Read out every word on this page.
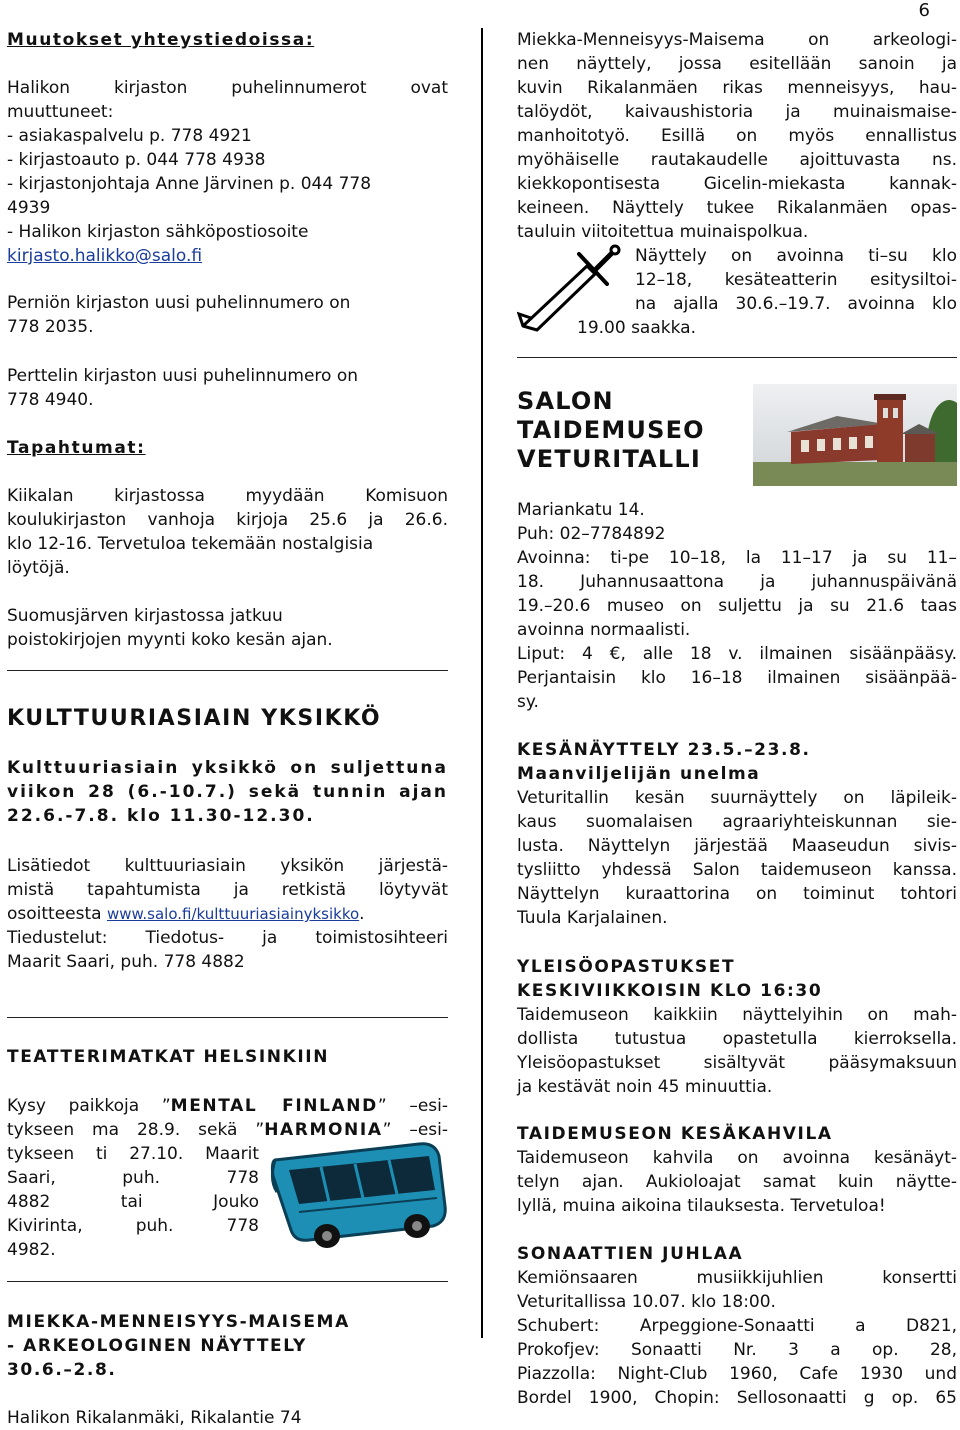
6
Muutokset yhteystiedoissa:
Halikon kirjaston puhelinnumerot ovat
muuttuneet:
- asiakaspalvelu p. 778 4921
- kirjastoauto p. 044 778 4938
- kirjastonjohtaja Anne Järvinen p. 044 778
4939
- Halikon kirjaston sähköpostiosoite
kirjasto.halikko@salo.fi
Perniön kirjaston uusi puhelinnumero on
778 2035.
Perttelin kirjaston uusi puhelinnumero on
778 4940.
Tapahtumat:
Kiikalan kirjastossa myydään Komisuon
koulukirjaston vanhoja kirjoja 25.6 ja 26.6.
klo 12-16. Tervetuloa tekemään nostalgisia
löytöjä.
Suomusjärven kirjastossa jatkuu
poistokirjojen myynti koko kesän ajan.
KULTTUURIASIAIN YKSIKKÖ
Kulttuuriasiain yksikkö on suljettuna
viikon 28 (6.-10.7.) sekä tunnin ajan
22.6.-7.8. klo 11.30-12.30.
Lisätiedot kulttuuriasiain yksikön järjestä-
mistä tapahtumista ja retkistä löytyvät
osoitteesta www.salo.fi/kulttuuriasiainyksikko.
Tiedustelut: Tiedotus- ja toimistosihteeri
Maarit Saari, puh. 778 4882
TEATTERIMATKAT HELSINKIIN
Kysy paikkoja ”MENTAL FINLAND” –esi-
tykseen ma 28.9. sekä ”HARMONIA” –esi-
tykseen ti 27.10. Maarit
Saari, puh. 778
4882 tai Jouko
Kivirinta, puh. 778
4982.
MIEKKA-MENNEISYYS-MAISEMA
- ARKEOLOGINEN NÄYTTELY
30.6.–2.8.
Halikon Rikalanmäki, Rikalantie 74
Miekka-Menneisyys-Maisema on arkeologi-
nen näyttely, jossa esitellään sanoin ja
kuvin Rikalanmäen rikas menneisyys, hau-
talöydöt, kaivaushistoria ja muinaismaise-
manhoitotyö. Esillä on myös ennallistus
myöhäiselle rautakaudelle ajoittuvasta ns.
kiekkopontisesta Gicelin-miekasta kannak-
keineen. Näyttely tukee Rikalanmäen opas-
tauluin viitoitettua muinaispolkua.
Näyttely on avoinna ti–su klo
12–18, kesäteatterin esitysiltoi-
na ajalla 30.6.–19.7. avoinna klo
19.00 saakka.
SALON
TAIDEMUSEO
VETURITALLI
Mariankatu 14.
Puh: 02–7784892
Avoinna: ti-pe 10–18, la 11–17 ja su 11–
18. Juhannusaattona ja juhannuspäivänä
19.–20.6 museo on suljettu ja su 21.6 taas
avoinna normaalisti.
Liput: 4 €, alle 18 v. ilmainen sisäänpääsy.
Perjantaisin klo 16–18 ilmainen sisäänpää-
sy.
KESÄNÄYTTELY 23.5.–23.8.
Maanviljelijän unelma
Veturitallin kesän suurnäyttely on läpileik-
kaus suomalaisen agraariyhteiskunnan sie-
lusta. Näyttelyn järjestää Maaseudun sivis-
tysliitto yhdessä Salon taidemuseon kanssa.
Näyttelyn kuraattorina on toiminut tohtori
Tuula Karjalainen.
YLEISÖOPASTUKSET
KESKIVIIKKOISIN KLO 16:30
Taidemuseon kaikkiin näyttelyihin on mah-
dollista tutustua opastetulla kierroksella.
Yleisöopastukset sisältyvät pääsymaksuun
ja kestävät noin 45 minuuttia.
TAIDEMUSEON KESÄKAHVILA
Taidemuseon kahvila on avoinna kesänäyt-
telyn ajan. Aukioloajat samat kuin näytte-
lyllä, muina aikoina tilauksesta. Tervetuloa!
SONAATTIEN JUHLAA
Kemiönsaaren musiikkijuhlien konsertti
Veturitallissa 10.07. klo 18:00.
Schubert: Arpeggione-Sonaatti a D821,
Prokofjev: Sonaatti Nr. 3 a op. 28,
Piazzolla: Night-Club 1960, Cafe 1930 und
Bordel 1900, Chopin: Sellosonaatti g op. 65
